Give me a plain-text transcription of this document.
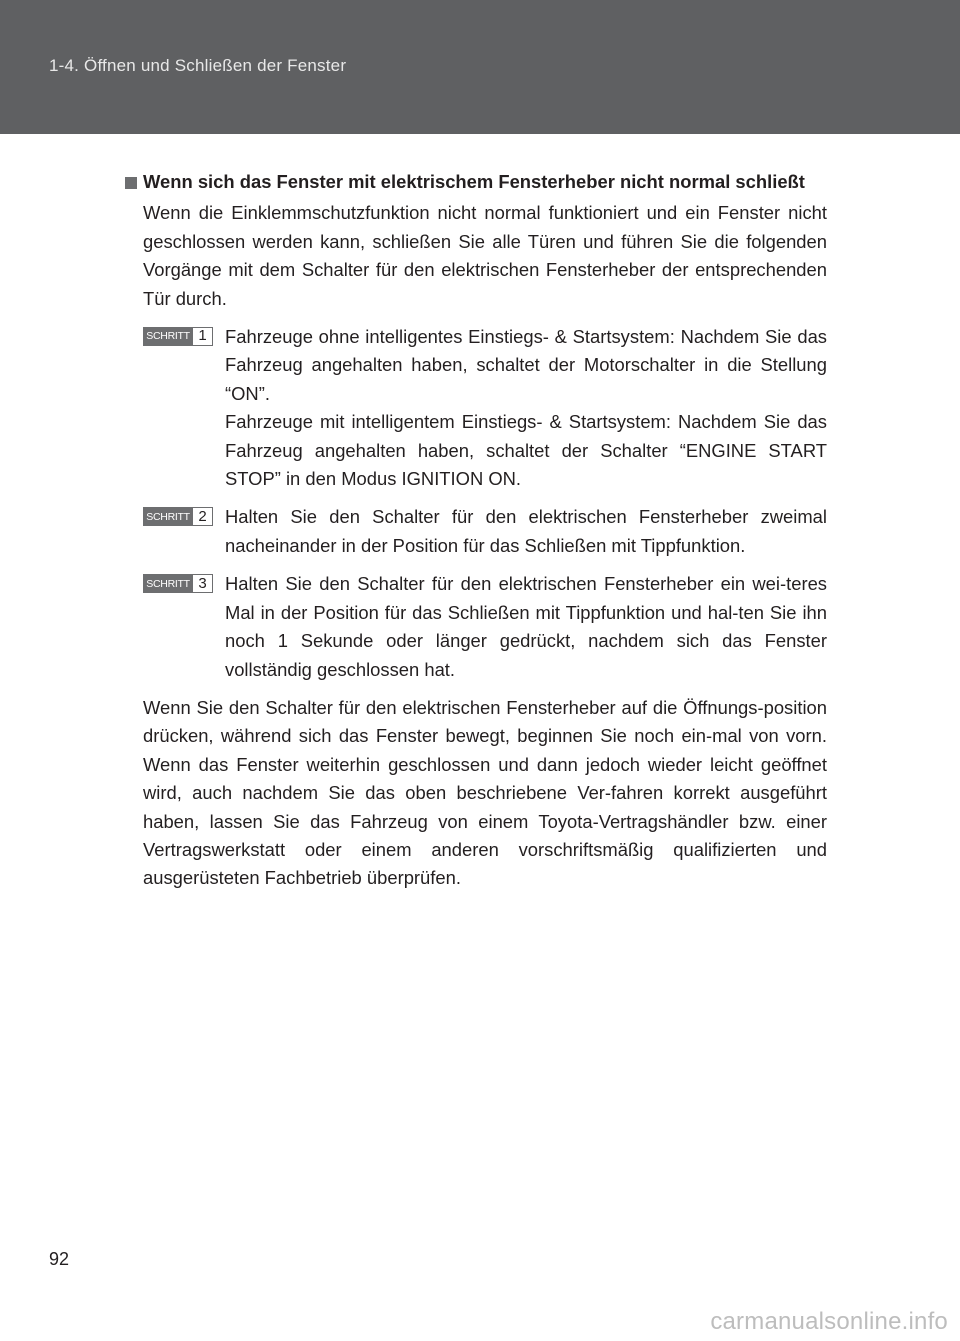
1-4. Öffnen und Schließen der Fenster
Wenn sich das Fenster mit elektrischem Fensterheber nicht normal schließt

Wenn die Einklemmschutzfunktion nicht normal funktioniert und ein Fenster nicht geschlossen werden kann, schließen Sie alle Türen und führen Sie die folgenden Vorgänge mit dem Schalter für den elektrischen Fensterheber der entsprechenden Tür durch.

SCHRITT 1 Fahrzeuge ohne intelligentes Einstiegs- & Startsystem: Nachdem Sie das Fahrzeug angehalten haben, schaltet der Motorschalter in die Stellung “ON”.
Fahrzeuge mit intelligentem Einstiegs- & Startsystem: Nachdem Sie das Fahrzeug angehalten haben, schaltet der Schalter “ENGINE START STOP” in den Modus IGNITION ON.
SCHRITT 2 Halten Sie den Schalter für den elektrischen Fensterheber zweimal nacheinander in der Position für das Schließen mit Tippfunktion.
SCHRITT 3 Halten Sie den Schalter für den elektrischen Fensterheber ein wei-teres Mal in der Position für das Schließen mit Tippfunktion und hal-ten Sie ihn noch 1 Sekunde oder länger gedrückt, nachdem sich das Fenster vollständig geschlossen hat.

Wenn Sie den Schalter für den elektrischen Fensterheber auf die Öffnungs-position drücken, während sich das Fenster bewegt, beginnen Sie noch ein-mal von vorn. Wenn das Fenster weiterhin geschlossen und dann jedoch wieder leicht geöffnet wird, auch nachdem Sie das oben beschriebene Ver-fahren korrekt ausgeführt haben, lassen Sie das Fahrzeug von einem Toyota-Vertragshändler bzw. einer Vertragswerkstatt oder einem anderen vorschriftsmäßig qualifizierten und ausgerüsteten Fachbetrieb überprüfen.

92
carmanualsonline.info
